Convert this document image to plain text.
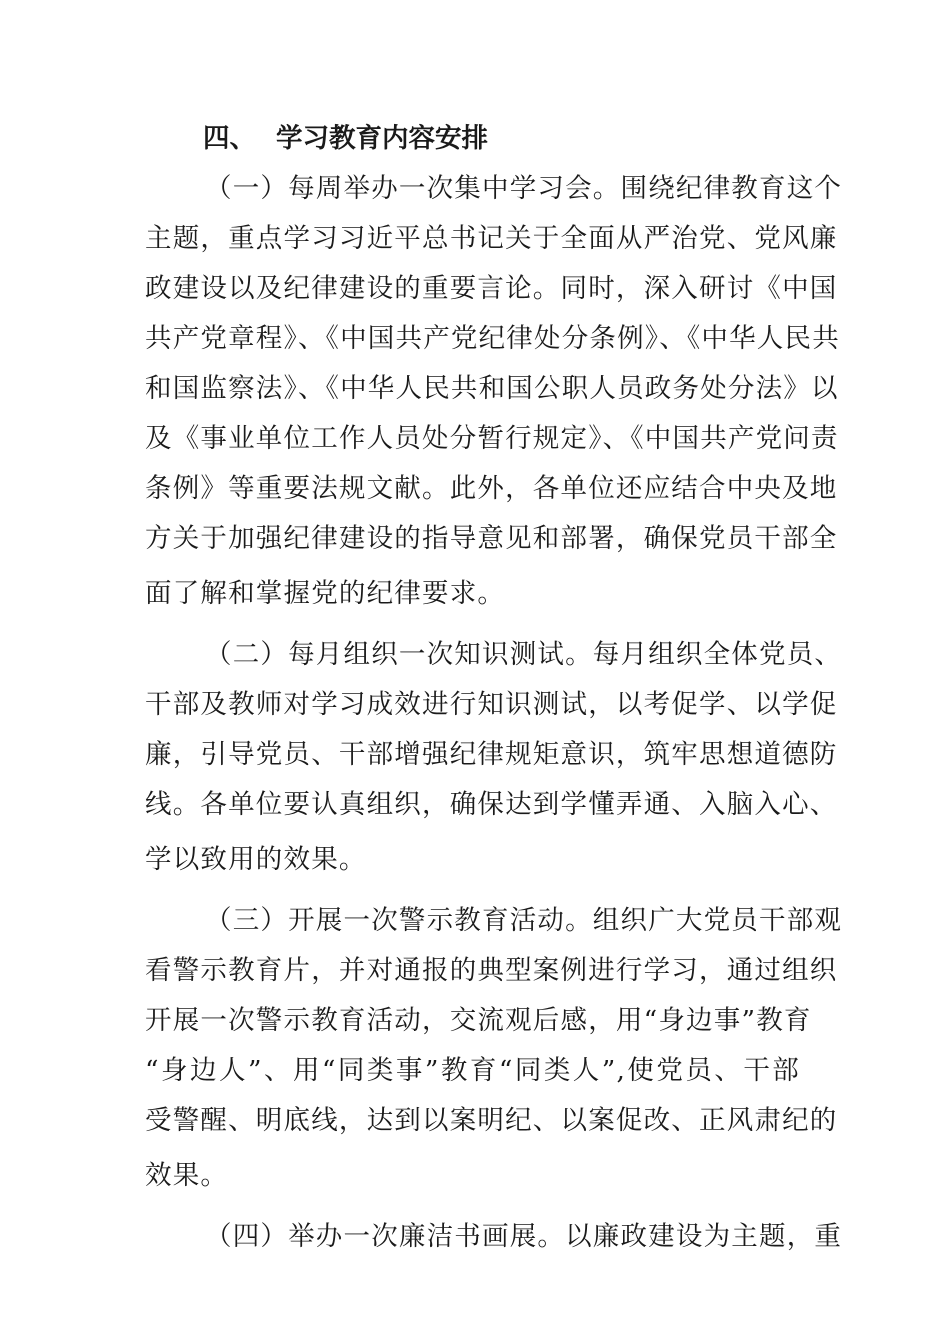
四、 学习教育内容安排
（一）每周举办一次集中学习会。围绕纪律教育这个
主题，重点学习习近平总书记关于全面从严治党、党风廉
政建设以及纪律建设的重要言论。同时，深入研讨《中国
共产党章程》、《中国共产党纪律处分条例》、《中华人民共
和国监察法》、《中华人民共和国公职人员政务处分法》以
及《事业单位工作人员处分暂行规定》、《中国共产党问责
条例》等重要法规文献。此外，各单位还应结合中央及地
方关于加强纪律建设的指导意见和部署，确保党员干部全
面了解和掌握党的纪律要求。
（二）每月组织一次知识测试。每月组织全体党员、
干部及教师对学习成效进行知识测试，以考促学、以学促
廉，引导党员、干部增强纪律规矩意识，筑牢思想道德防
线。各单位要认真组织，确保达到学懂弄通、入脑入心、
学以致用的效果。
（三）开展一次警示教育活动。组织广大党员干部观
看警示教育片，并对通报的典型案例进行学习，通过组织
开展一次警示教育活动，交流观后感，用“身边事”教育
“身边人”、用“同类事”教育“同类人”,使党员、干部
受警醒、明底线，达到以案明纪、以案促改、正风肃纪的
效果。
（四）举办一次廉洁书画展。以廉政建设为主题，重
